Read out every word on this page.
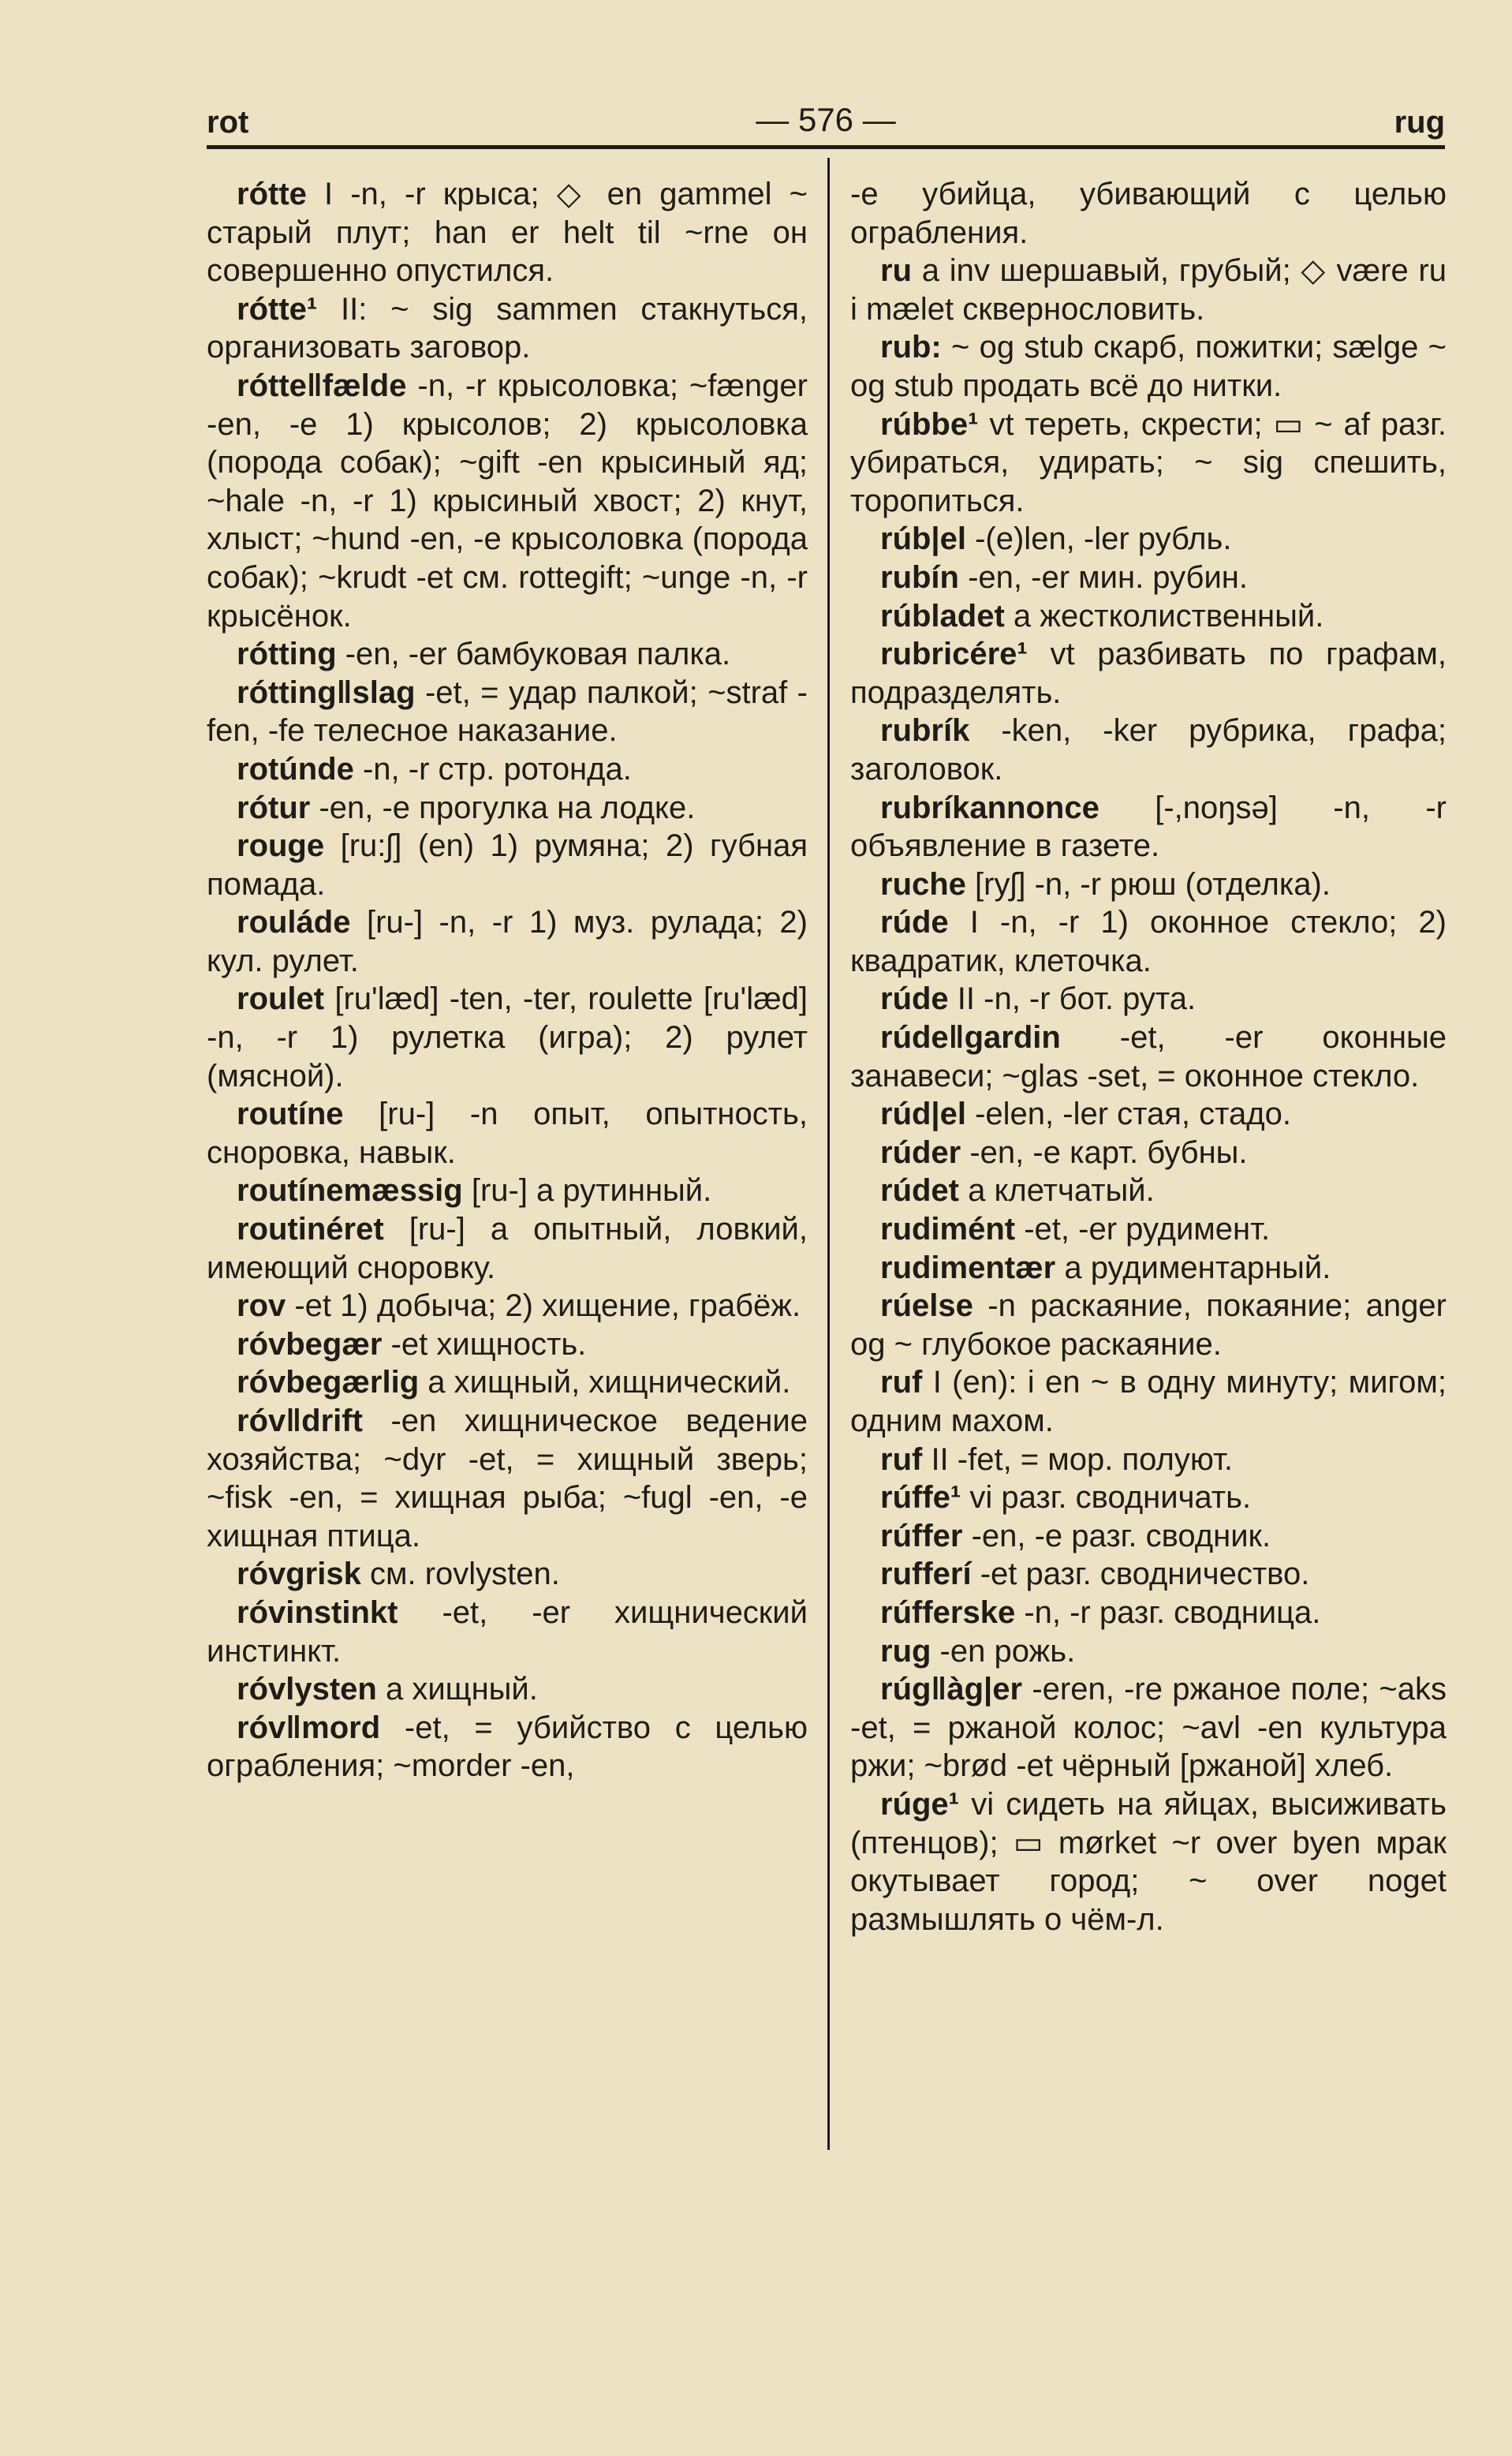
rot	— 576 —	rug

rótte I -n, -r крыса; ◇ en gammel ~ старый плут; han er helt til ~rne он совершенно опустился.

rótte¹ II: ~ sig sammen стакнуться, организовать заговор.

rótte‖fælde -n, -r крысоловка; ~fænger -en, -e 1) крысолов; 2) крысоловка (порода собак); ~gift -en крысиный яд; ~hale -n, -r 1) крысиный хвост; 2) кнут, хлыст; ~hund -en, -e крысоловка (порода собак); ~krudt -et см. rottegift; ~unge -n, -r крысёнок.

rótting -en, -er бамбуковая палка.

rótting‖slag -et, = удар палкой; ~straf -fen, -fe телесное наказание.

rotúnde -n, -r стр. ротонда.

rótur -en, -e прогулка на лодке.

rouge [ru:ʃ] (en) 1) румяна; 2) губная помада.

rouláde [ru-] -n, -r 1) муз. рулада; 2) кул. рулет.

roulet [ru'læd] -ten, -ter, roulette [ru'læd] -n, -r 1) рулетка (игра); 2) рулет (мясной).

routíne [ru-] -n опыт, опытность, сноровка, навык.

routínemæssig [ru-] a рутинный.

routinéret [ru-] a опытный, ловкий, имеющий сноровку.

rov -et 1) добыча; 2) хищение, грабёж.

róvbegær -et хищность.

róvbegærlig a хищный, хищнический.

róv‖drift -en хищническое ведение хозяйства; ~dyr -et, = хищный зверь; ~fisk -en, = хищная рыба; ~fugl -en, -e хищная птица.

róvgrisk см. rovlysten.

róvinstinkt -et, -er хищнический инстинкт.

róvlysten a хищный.

róv‖mord -et, = убийство с целью ограбления; ~morder -en,

-e убийца, убивающий с целью ограбления.

ru a inv шершавый, грубый; ◇ være ru i mælet сквернословить.

rub: ~ og stub скарб, пожитки; sælge ~ og stub продать всё до нитки.

rúbbe¹ vt тереть, скрести; ▭ ~ af разг. убираться, удирать; ~ sig спешить, торопиться.

rúb|el -(e)len, -ler рубль.

rubín -en, -er мин. рубин.

rúbladet a жестколиственный.

rubricére¹ vt разбивать по графам, подразделять.

rubrík -ken, -ker рубрика, графа; заголовок.

rubríkannonce [-,noŋsə] -n, -r объявление в газете.

ruche [ryʃ] -n, -r рюш (отделка).

rúde I -n, -r 1) оконное стекло; 2) квадратик, клеточка.

rúde II -n, -r бот. рута.

rúde‖gardin -et, -er оконные занавеси; ~glas -set, = оконное стекло.

rúd|el -elen, -ler стая, стадо.

rúder -en, -e карт. бубны.

rúdet a клетчатый.

rudimént -et, -er рудимент.

rudimentær a рудиментарный.

rúelse -n раскаяние, покаяние; anger og ~ глубокое раскаяние.

ruf I (en): i en ~ в одну минуту; мигом; одним махом.

ruf II -fet, = мор. полуют.

rúffe¹ vi разг. сводничать.

rúffer -en, -e разг. сводник.

rufferí -et разг. сводничество.

rúfferske -n, -r разг. сводница.

rug -en рожь.

rúg‖àg|er -eren, -re ржаное поле; ~aks -et, = ржаной колос; ~avl -en культура ржи; ~brød -et чёрный [ржаной] хлеб.

rúge¹ vi сидеть на яйцах, высиживать (птенцов); ▭ mørket ~r over byen мрак окутывает город; ~ over noget размышлять о чём-л.
